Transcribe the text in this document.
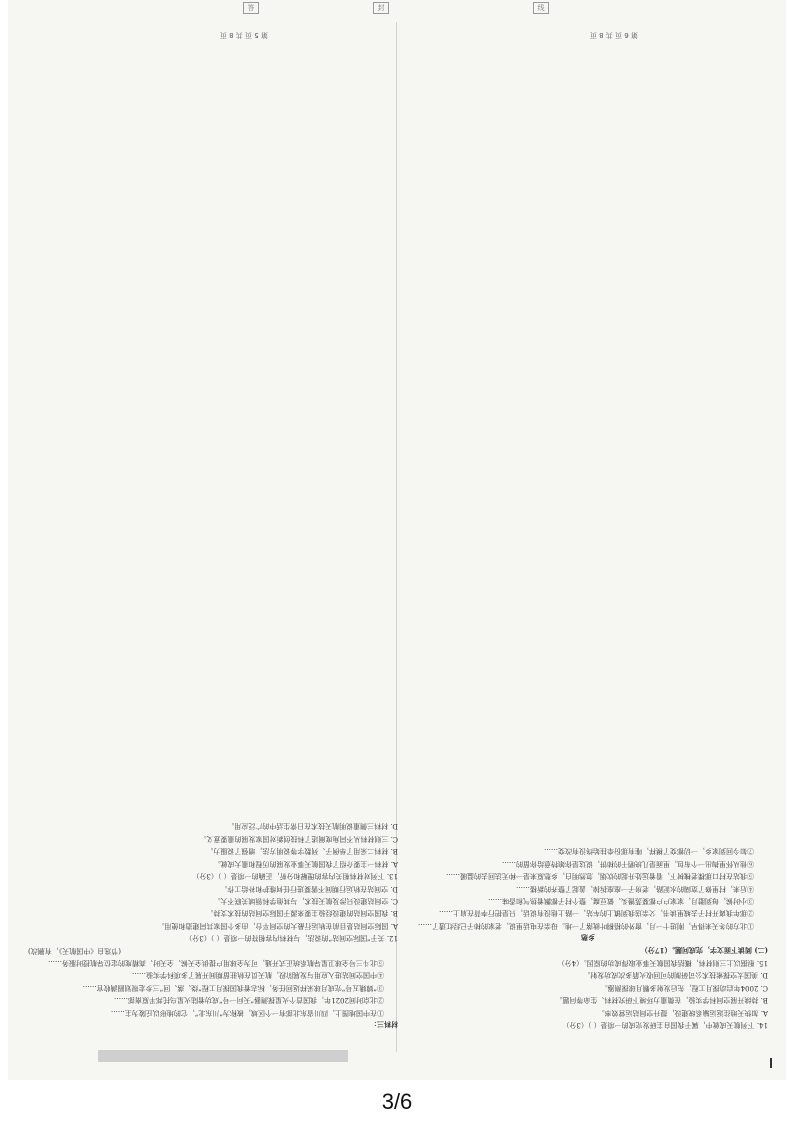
材料三：

①在中国地图上，四川省东北部有一个区域，被称为“川东北”，它的地形以丘陵为主……

②北京时间2021年，我国首个火星探测器“天问一号”成功着陆火星乌托邦平原南部……

③“嫦娥五号”完成月球采样返回任务，标志着我国探月工程“绕、落、回”三步走规划圆满收官……

④中国空间站进入应用与发展阶段，航天员在轨驻留期间开展了多项科学实验……

⑤北斗三号全球卫星导航系统正式开通，可为全球用户提供全天候、全天时、高精度的定位导航授时服务……

(节选自《中国航天》，有删改)

12. 关于“国际空间站”的说法，与材料内容相符的一项是（ ）（3分）

A. 国际空间站是目前在轨运行最大的空间平台，由多个国家共同建造和使用。

B. 我国空间站的建设经验主要来源于国际空间站的技术支持。

C. 空间站建设只涉及航天技术，与其他学科领域关联不大。

D. 空间站在轨运行期间不需要进行任何维护和补给工作。

13. 下列对材料相关内容的理解和分析，正确的一项是（ ）（3分）

A. 材料一主要介绍了我国航天事业发展的历程和重大成就。

B. 材料二采用了举例子、列数字等说明方法，增强了说服力。

C. 三则材料从不同角度阐述了科技创新对国家发展的重要意义。

D. 材料三侧重说明航天技术在日常生活中的广泛应用。

第 5 页 共 8 页

14. 下列航天成就中，属于我国自主研发完成的一项是（ ）（3分）

A. 加快天地往返运输系统建设，提升空间站运营效率。

B. 持续开展空间科学实验，在微重力环境下研究材料、生命等问题。

C. 2004年启动探月工程，先后发射多颗月球探测器。

D. 美国太空探索技术公司研制的可回收火箭多次成功发射。

15. 根据以上三则材料，概括我国航天事业取得成功的原因。（4分）

(二) 阅读下面文字，完成问题。（17分）

乡愁

①北方的冬天来得早，刚进十一月，窗外的梧桐叶就落了一地。母亲在电话里说，老家的柿子已经红透了……

②那年我离开村子去城里读书，父亲送我到镇上的车站，一路上他没有说话，只是把行李背在肩上……

③小时候，每到腊月，家家户户都要蒸馒头、做豆腐，整个村子都飘着热气和香味……

④后来，村里修了宽阔的水泥路，老房子一座座拆掉，盖起了整齐的新楼……

⑤我站在村口那棵老槐树下，看着远处升起的炊烟，忽然明白，乡愁原来是一种无法回去的温暖……

⑥他从怀里掏出一个布包，里面是几块晒干的柿饼，说这是你娘特意给你留的……

⑦如今回到家乡，一切都变了模样，唯有那份牵挂始终没有改变……

第 6 页 共 8 页
答	封	线
3/6
